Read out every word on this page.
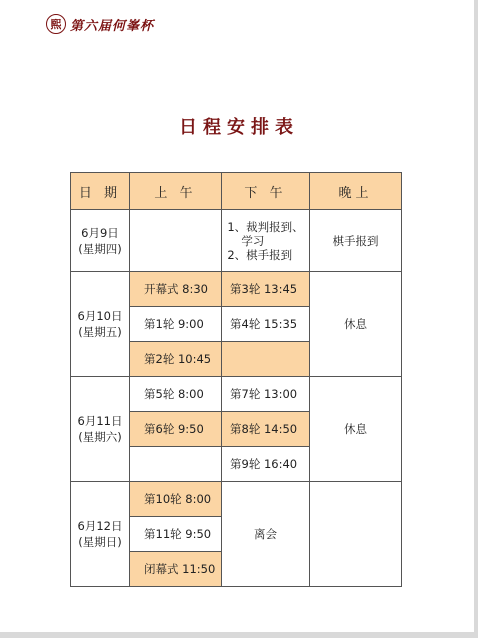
熙 第六届何峯杯
日程安排表
日 期	上 午	下 午	晚上

6月9日
(星期四)		1、裁判报到、
学习
2、棋手报到	棋手报到

6月10日
(星期五)	开幕式 8:30	第3轮 13:45	休息
	第1轮 9:00	第4轮 15:35	
	第2轮 10:45		

6月11日
(星期六)	第5轮 8:00	第7轮 13:00	休息
	第6轮 9:50	第8轮 14:50	
		第9轮 16:40	

6月12日
(星期日)	第10轮 8:00	离会	
	第11轮 9:50		
	闭幕式 11:50		
